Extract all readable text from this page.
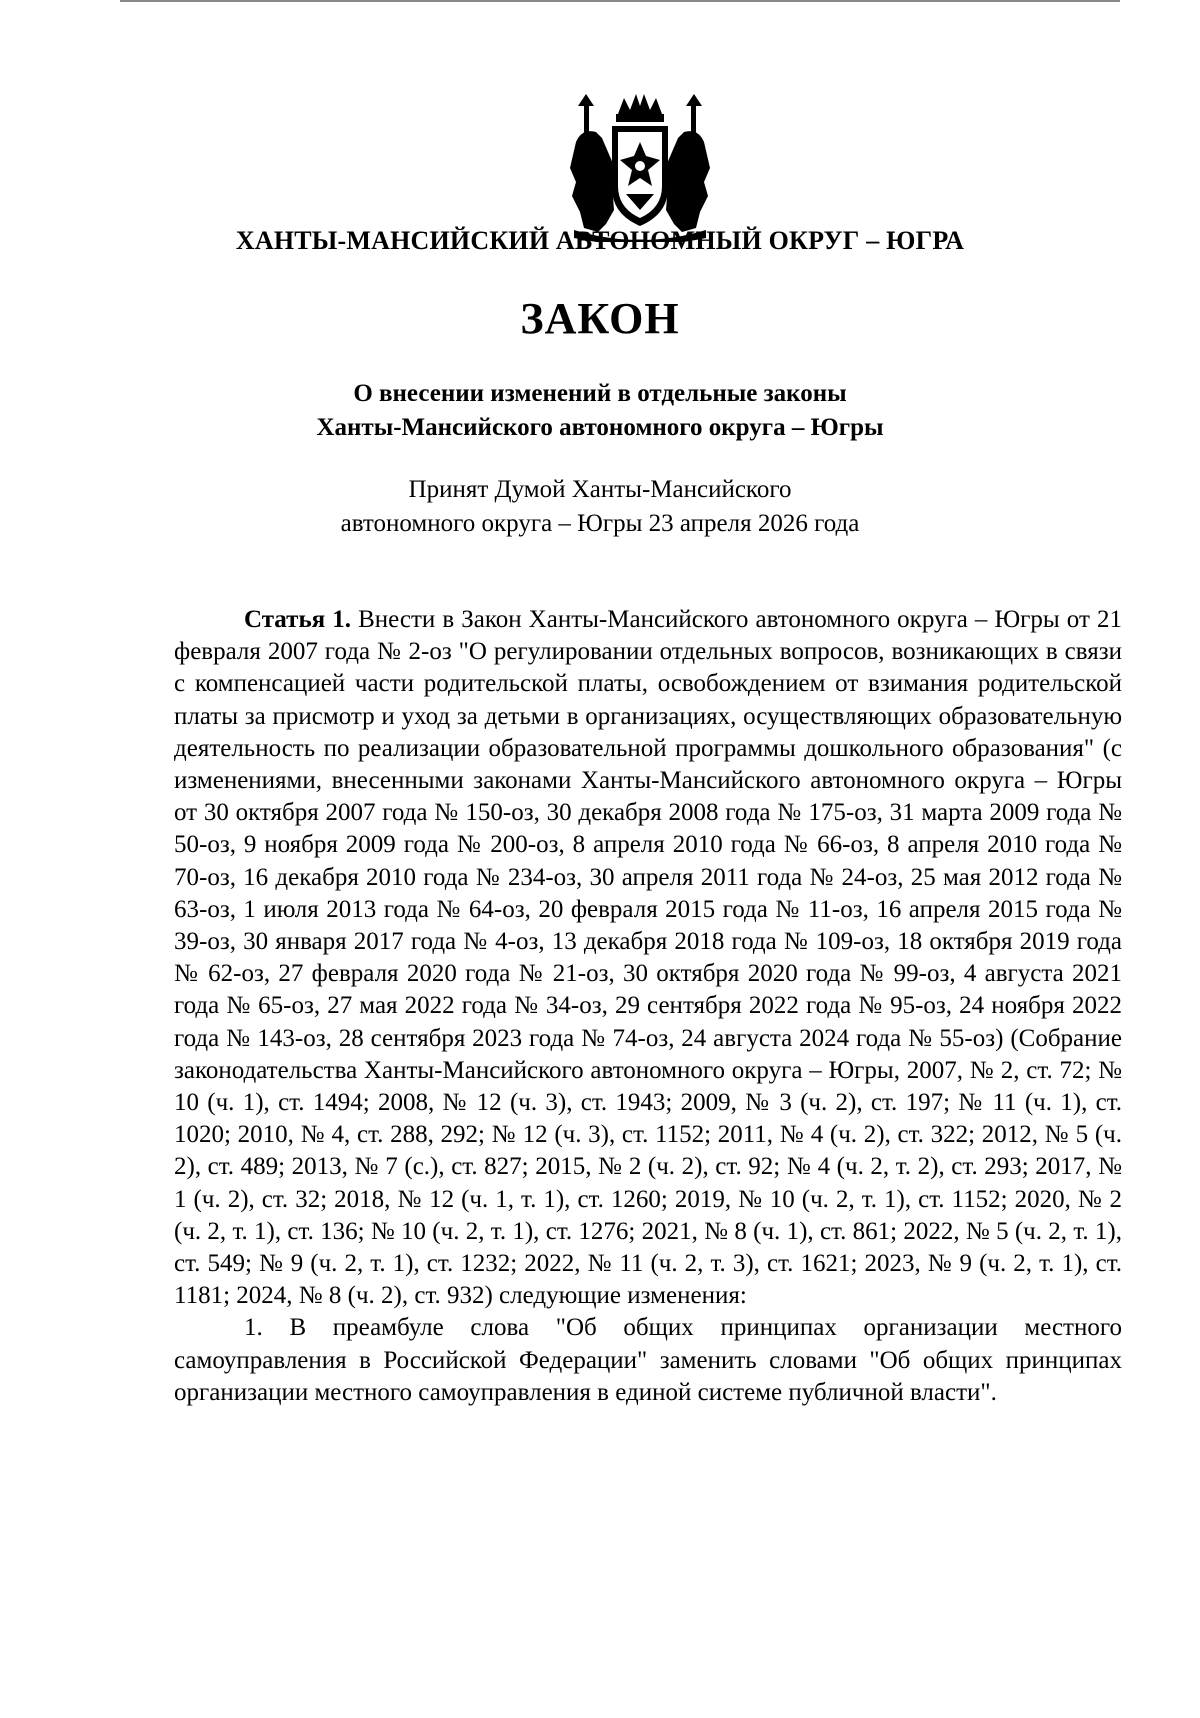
ХАНТЫ-МАНСИЙСКИЙ АВТОНОМНЫЙ ОКРУГ – ЮГРА
ЗАКОН
О внесении изменений в отдельные законы
Ханты-Мансийского автономного округа – Югры
Принят Думой Ханты-Мансийского
автономного округа – Югры 23 апреля 2026 года

Статья 1. Внести в Закон Ханты-Мансийского автономного округа – Югры от 21 февраля 2007 года № 2-оз "О регулировании отдельных вопросов, возникающих в связи с компенсацией части родительской платы, освобождением от взимания родительской платы за присмотр и уход за детьми в организациях, осуществляющих образовательную деятельность по реализации образовательной программы дошкольного образования" (с изменениями, внесенными законами Ханты-Мансийского автономного округа – Югры от 30 октября 2007 года № 150-оз, 30 декабря 2008 года № 175-оз, 31 марта 2009 года № 50-оз, 9 ноября 2009 года № 200-оз, 8 апреля 2010 года № 66-оз, 8 апреля 2010 года № 70-оз, 16 декабря 2010 года № 234-оз, 30 апреля 2011 года № 24-оз, 25 мая 2012 года № 63-оз, 1 июля 2013 года № 64-оз, 20 февраля 2015 года № 11-оз, 16 апреля 2015 года № 39-оз, 30 января 2017 года № 4-оз, 13 декабря 2018 года № 109-оз, 18 октября 2019 года № 62-оз, 27 февраля 2020 года № 21-оз, 30 октября 2020 года № 99-оз, 4 августа 2021 года № 65-оз, 27 мая 2022 года № 34-оз, 29 сентября 2022 года № 95-оз, 24 ноября 2022 года № 143-оз, 28 сентября 2023 года № 74-оз, 24 августа 2024 года № 55-оз) (Собрание законодательства Ханты-Мансийского автономного округа – Югры, 2007, № 2, ст. 72; № 10 (ч. 1), ст. 1494; 2008, № 12 (ч. 3), ст. 1943; 2009, № 3 (ч. 2), ст. 197; № 11 (ч. 1), ст. 1020; 2010, № 4, ст. 288, 292; № 12 (ч. 3), ст. 1152; 2011, № 4 (ч. 2), ст. 322; 2012, № 5 (ч. 2), ст. 489; 2013, № 7 (с.), ст. 827; 2015, № 2 (ч. 2), ст. 92; № 4 (ч. 2, т. 2), ст. 293; 2017, № 1 (ч. 2), ст. 32; 2018, № 12 (ч. 1, т. 1), ст. 1260; 2019, № 10 (ч. 2, т. 1), ст. 1152; 2020, № 2 (ч. 2, т. 1), ст. 136; № 10 (ч. 2, т. 1), ст. 1276; 2021, № 8 (ч. 1), ст. 861; 2022, № 5 (ч. 2, т. 1), ст. 549; № 9 (ч. 2, т. 1), ст. 1232; 2022, № 11 (ч. 2, т. 3), ст. 1621; 2023, № 9 (ч. 2, т. 1), ст. 1181; 2024, № 8 (ч. 2), ст. 932) следующие изменения:

1. В преамбуле слова "Об общих принципах организации местного самоуправления в Российской Федерации" заменить словами "Об общих принципах организации местного самоуправления в единой системе публичной власти".
